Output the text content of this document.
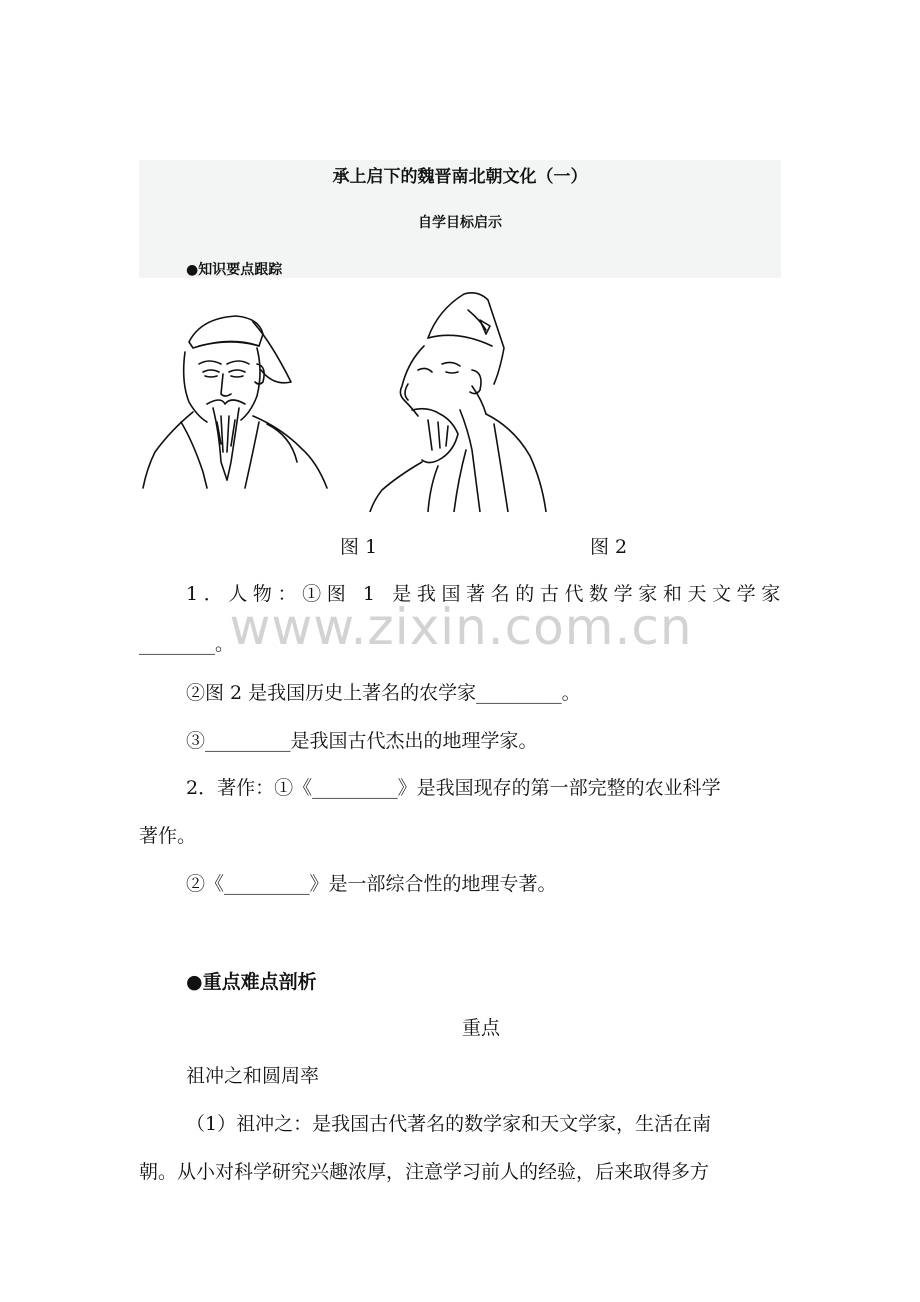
承上启下的魏晋南北朝文化（一）
自学目标启示
●知识要点跟踪
图 1	图 2
www.zixin.com.cn
1．人物：①图 1 是我国著名的古代数学家和天文学家
________。
②图 2 是我国历史上著名的农学家_________。
③_________是我国古代杰出的地理学家。
2．著作：①《_________》是我国现存的第一部完整的农业科学
著作。
②《_________》是一部综合性的地理专著。
●重点难点剖析
重点
祖冲之和圆周率
（1）祖冲之：是我国古代著名的数学家和天文学家，生活在南
朝。从小对科学研究兴趣浓厚，注意学习前人的经验，后来取得多方
